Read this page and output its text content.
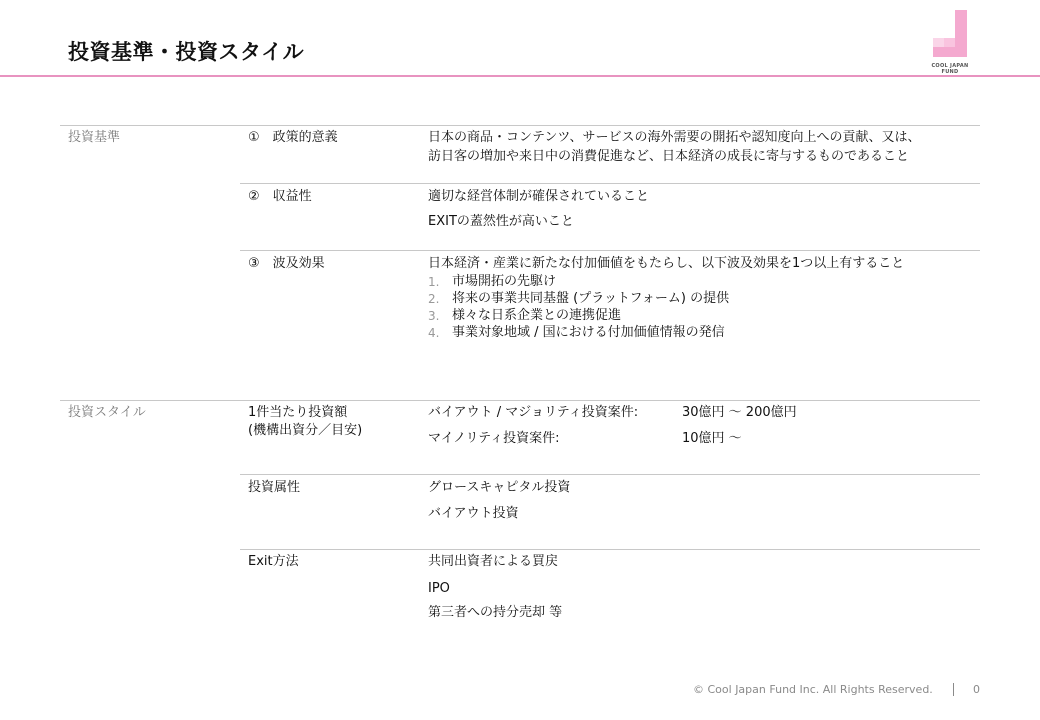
投資基準・投資スタイル
COOL JAPAN FUND
投資基準	①　政策的意義	日本の商品・コンテンツ、サービスの海外需要の開拓や認知度向上への貢献、又は、
訪日客の増加や来日中の消費促進など、日本経済の成長に寄与するものであること
②　収益性	適切な経営体制が確保されていること
EXITの蓋然性が高いこと
③　波及効果	日本経済・産業に新たな付加価値をもたらし、以下波及効果を1つ以上有すること
1. 市場開拓の先駆け
2. 将来の事業共同基盤 (プラットフォーム) の提供
3. 様々な日系企業との連携促進
4. 事業対象地域 / 国における付加価値情報の発信
投資スタイル	1件当たり投資額
(機構出資分／目安)
バイアウト / マジョリティ投資案件:	30億円 ～ 200億円
マイノリティ投資案件:	10億円 ～
投資属性	グロースキャピタル投資
バイアウト投資
Exit方法	共同出資者による買戻
IPO
第三者への持分売却 等
© Cool Japan Fund Inc. All Rights Reserved.	0
